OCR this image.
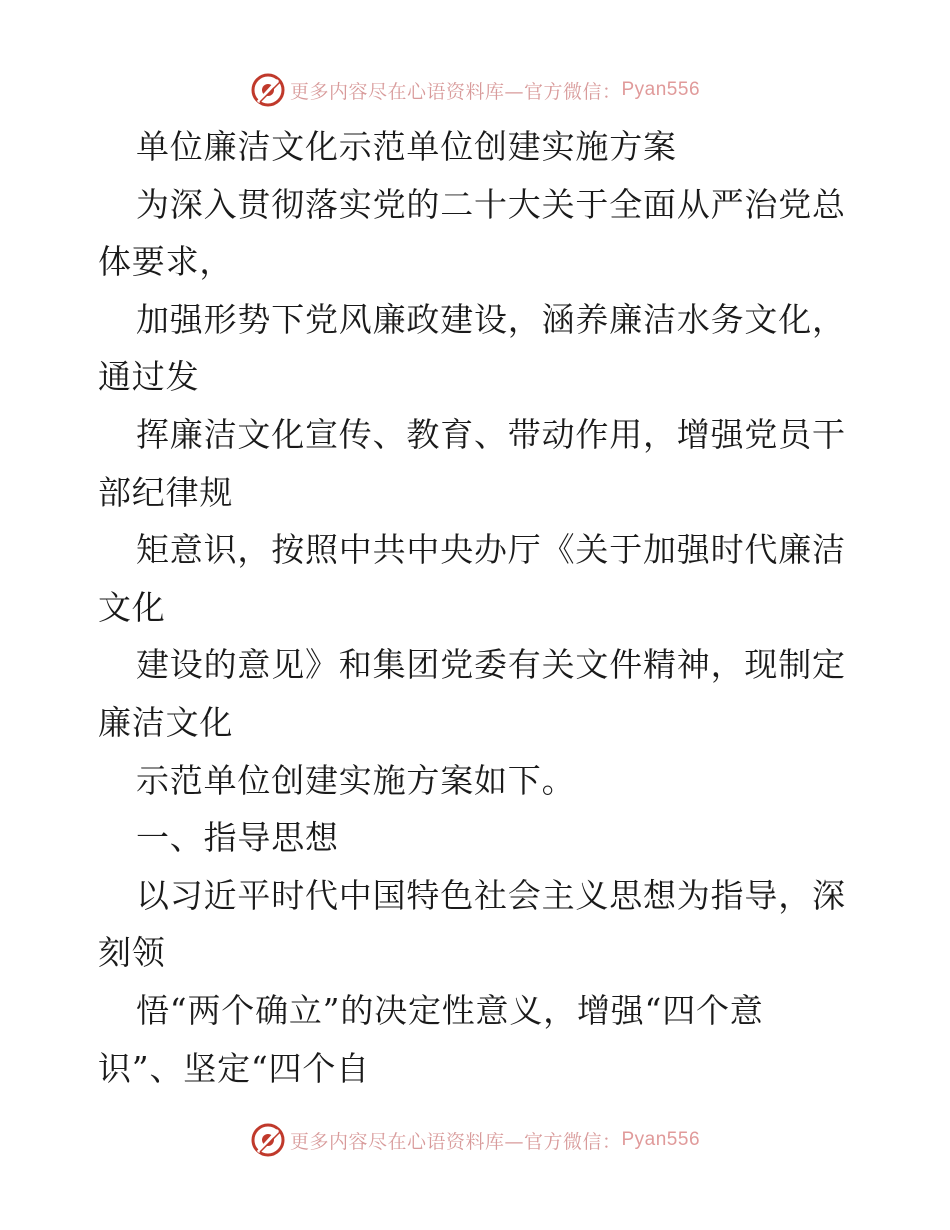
更多内容尽在心语资料库—官方微信： Pyan556
单位廉洁文化示范单位创建实施方案
为深入贯彻落实党的二十大关于全面从严治党总
体要求，
加强形势下党风廉政建设，涵养廉洁水务文化，
通过发
挥廉洁文化宣传、教育、带动作用，增强党员干
部纪律规
矩意识，按照中共中央办厅《关于加强时代廉洁
文化
建设的意见》和集团党委有关文件精神，现制定
廉洁文化
示范单位创建实施方案如下。
一、指导思想
以习近平时代中国特色社会主义思想为指导，深
刻领
悟“两个确立”的决定性意义，增强“四个意
识”、坚定“四个自
更多内容尽在心语资料库—官方微信： Pyan556
